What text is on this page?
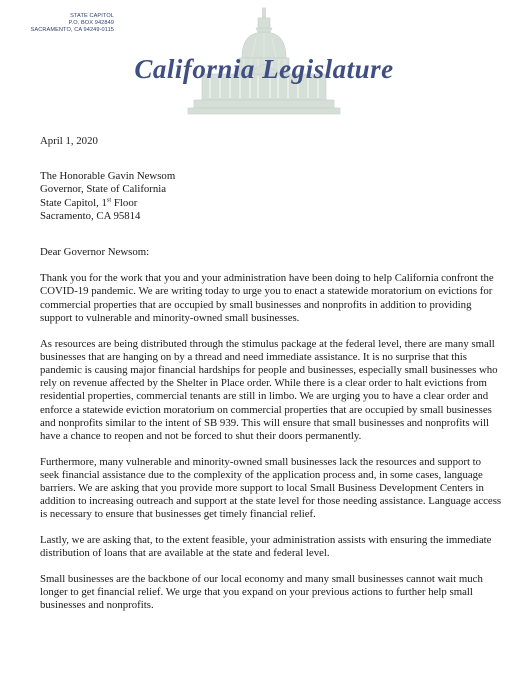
STATE CAPITOL
P.O. BOX 942849
SACRAMENTO, CA 94249-0115
California Legislature
April 1, 2020
The Honorable Gavin Newsom
Governor, State of California
State Capitol, 1st Floor
Sacramento, CA 95814
Dear Governor Newsom:

Thank you for the work that you and your administration have been doing to help California confront the COVID-19 pandemic. We are writing today to urge you to enact a statewide moratorium on evictions for commercial properties that are occupied by small businesses and nonprofits in addition to providing support to vulnerable and minority-owned small businesses.

As resources are being distributed through the stimulus package at the federal level, there are many small businesses that are hanging on by a thread and need immediate assistance. It is no surprise that this pandemic is causing major financial hardships for people and businesses, especially small businesses who rely on revenue affected by the Shelter in Place order. While there is a clear order to halt evictions from residential properties, commercial tenants are still in limbo. We are urging you to have a clear order and enforce a statewide eviction moratorium on commercial properties that are occupied by small businesses and nonprofits similar to the intent of SB 939. This will ensure that small businesses and nonprofits will have a chance to reopen and not be forced to shut their doors permanently.

Furthermore, many vulnerable and minority-owned small businesses lack the resources and support to seek financial assistance due to the complexity of the application process and, in some cases, language barriers. We are asking that you provide more support to local Small Business Development Centers in addition to increasing outreach and support at the state level for those needing assistance. Language access is necessary to ensure that businesses get timely financial relief.

Lastly, we are asking that, to the extent feasible, your administration assists with ensuring the immediate distribution of loans that are available at the state and federal level.

Small businesses are the backbone of our local economy and many small businesses cannot wait much longer to get financial relief. We urge that you expand on your previous actions to further help small businesses and nonprofits.
